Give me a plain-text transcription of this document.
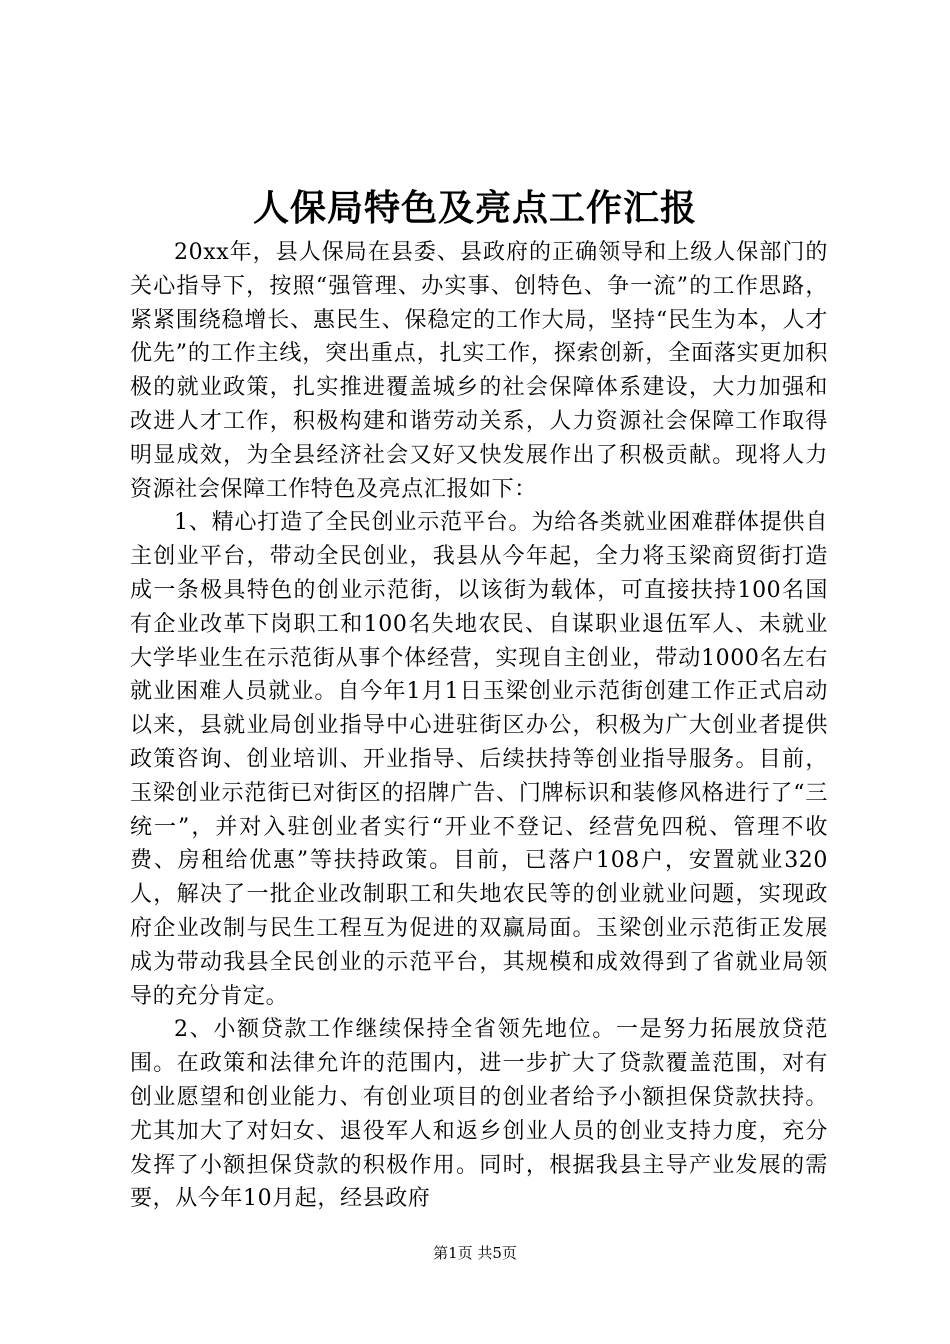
人保局特色及亮点工作汇报

20xx年，县人保局在县委、县政府的正确领导和上级人保部门的关心指导下，按照“强管理、办实事、创特色、争一流”的工作思路，紧紧围绕稳增长、惠民生、保稳定的工作大局，坚持“民生为本，人才优先”的工作主线，突出重点，扎实工作，探索创新，全面落实更加积极的就业政策，扎实推进覆盖城乡的社会保障体系建设，大力加强和改进人才工作，积极构建和谐劳动关系，人力资源社会保障工作取得明显成效，为全县经济社会又好又快发展作出了积极贡献。现将人力资源社会保障工作特色及亮点汇报如下：

1、精心打造了全民创业示范平台。为给各类就业困难群体提供自主创业平台，带动全民创业，我县从今年起，全力将玉梁商贸街打造成一条极具特色的创业示范街，以该街为载体，可直接扶持100名国有企业改革下岗职工和100名失地农民、自谋职业退伍军人、未就业大学毕业生在示范街从事个体经营，实现自主创业，带动1000名左右就业困难人员就业。自今年1月1日玉梁创业示范街创建工作正式启动以来，县就业局创业指导中心进驻街区办公，积极为广大创业者提供政策咨询、创业培训、开业指导、后续扶持等创业指导服务。目前，玉梁创业示范街已对街区的招牌广告、门牌标识和装修风格进行了“三统一”，并对入驻创业者实行“开业不登记、经营免四税、管理不收费、房租给优惠”等扶持政策。目前，已落户108户，安置就业320人，解决了一批企业改制职工和失地农民等的创业就业问题，实现政府企业改制与民生工程互为促进的双赢局面。玉梁创业示范街正发展成为带动我县全民创业的示范平台，其规模和成效得到了省就业局领导的充分肯定。

2、小额贷款工作继续保持全省领先地位。一是努力拓展放贷范围。在政策和法律允许的范围内，进一步扩大了贷款覆盖范围，对有创业愿望和创业能力、有创业项目的创业者给予小额担保贷款扶持。尤其加大了对妇女、退役军人和返乡创业人员的创业支持力度，充分发挥了小额担保贷款的积极作用。同时，根据我县主导产业发展的需要，从今年10月起，经县政府

第1页 共5页
